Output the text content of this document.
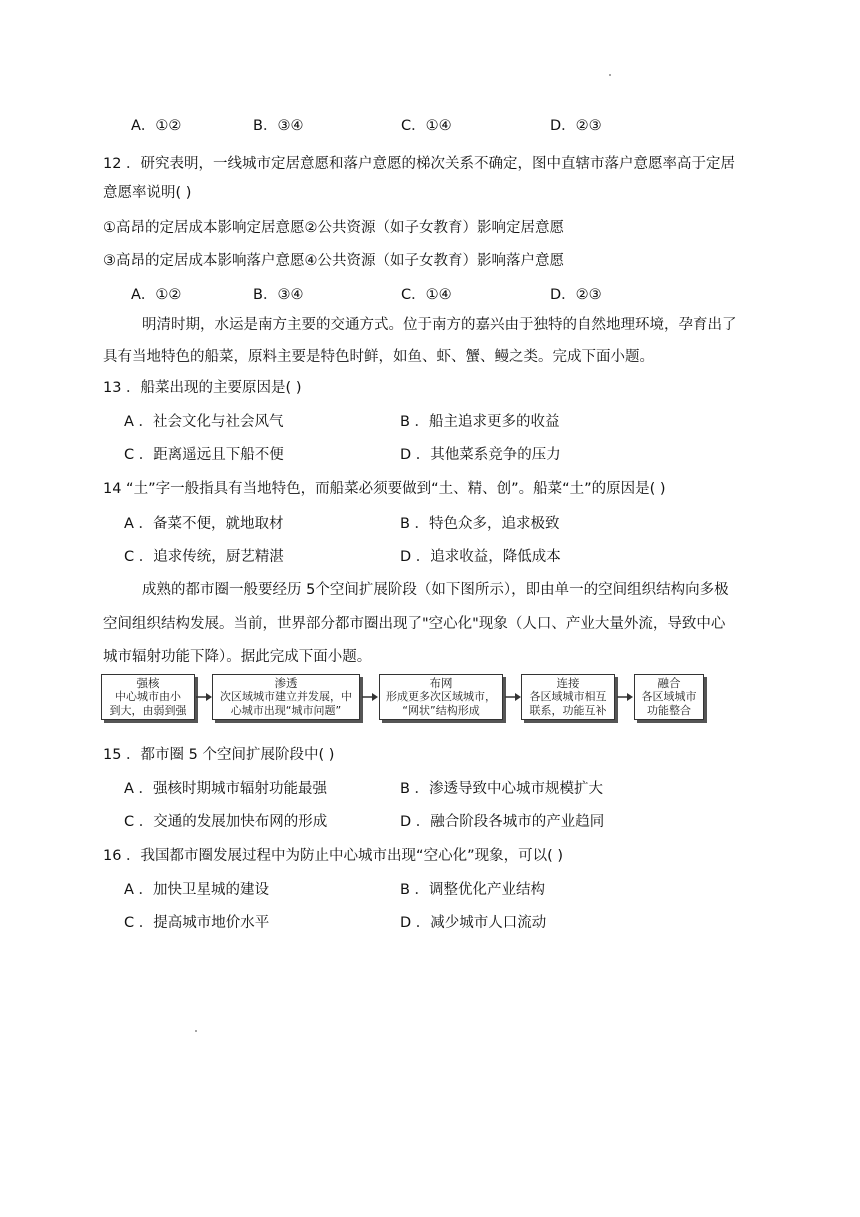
A．①②	B．③④	C．①④	D．②③
12 ．研究表明，一线城市定居意愿和落户意愿的梯次关系不确定，图中直辖市落户意愿率高于定居
意愿率说明( )
①高昂的定居成本影响定居意愿②公共资源（如子女教育）影响定居意愿
③高昂的定居成本影响落户意愿④公共资源（如子女教育）影响落户意愿
A．①②	B．③④	C．①④	D．②③
明清时期，水运是南方主要的交通方式。位于南方的嘉兴由于独特的自然地理环境，孕育出了
具有当地特色的船菜，原料主要是特色时鲜，如鱼、虾、蟹、鳗之类。完成下面小题。
13 ．船菜出现的主要原因是( )
A ．社会文化与社会风气	B ．船主追求更多的收益
C ．距离遥远且下船不便	D ．其他菜系竞争的压力
14 “土”字一般指具有当地特色，而船菜必须要做到“土、精、创”。船菜“土”的原因是( )
A ．备菜不便，就地取材	B ．特色众多，追求极致
C ．追求传统，厨艺精湛	D ．追求收益，降低成本
成熟的都市圈一般要经历 5个空间扩展阶段（如下图所示），即由单一的空间组织结构向多极
空间组织结构发展。当前，世界部分都市圈出现了"空心化"现象（人口、产业大量外流，导致中心
城市辐射功能下降）。据此完成下面小题。
强核
中心城市由小
到大，由弱到强
渗透
次区域城市建立并发展，中
心城市出现“城市问题”
布网
形成更多次区域城市，
“网状”结构形成
连接
各区域城市相互
联系，功能互补
融合
各区域城市
功能整合
15 ．都市圈 5 个空间扩展阶段中( )
A ．强核时期城市辐射功能最强	B ．渗透导致中心城市规模扩大
C ．交通的发展加快布网的形成	D ．融合阶段各城市的产业趋同
16 ．我国都市圈发展过程中为防止中心城市出现“空心化”现象，可以( )
A ．加快卫星城的建设	B ．调整优化产业结构
C ．提高城市地价水平	D ．减少城市人口流动
